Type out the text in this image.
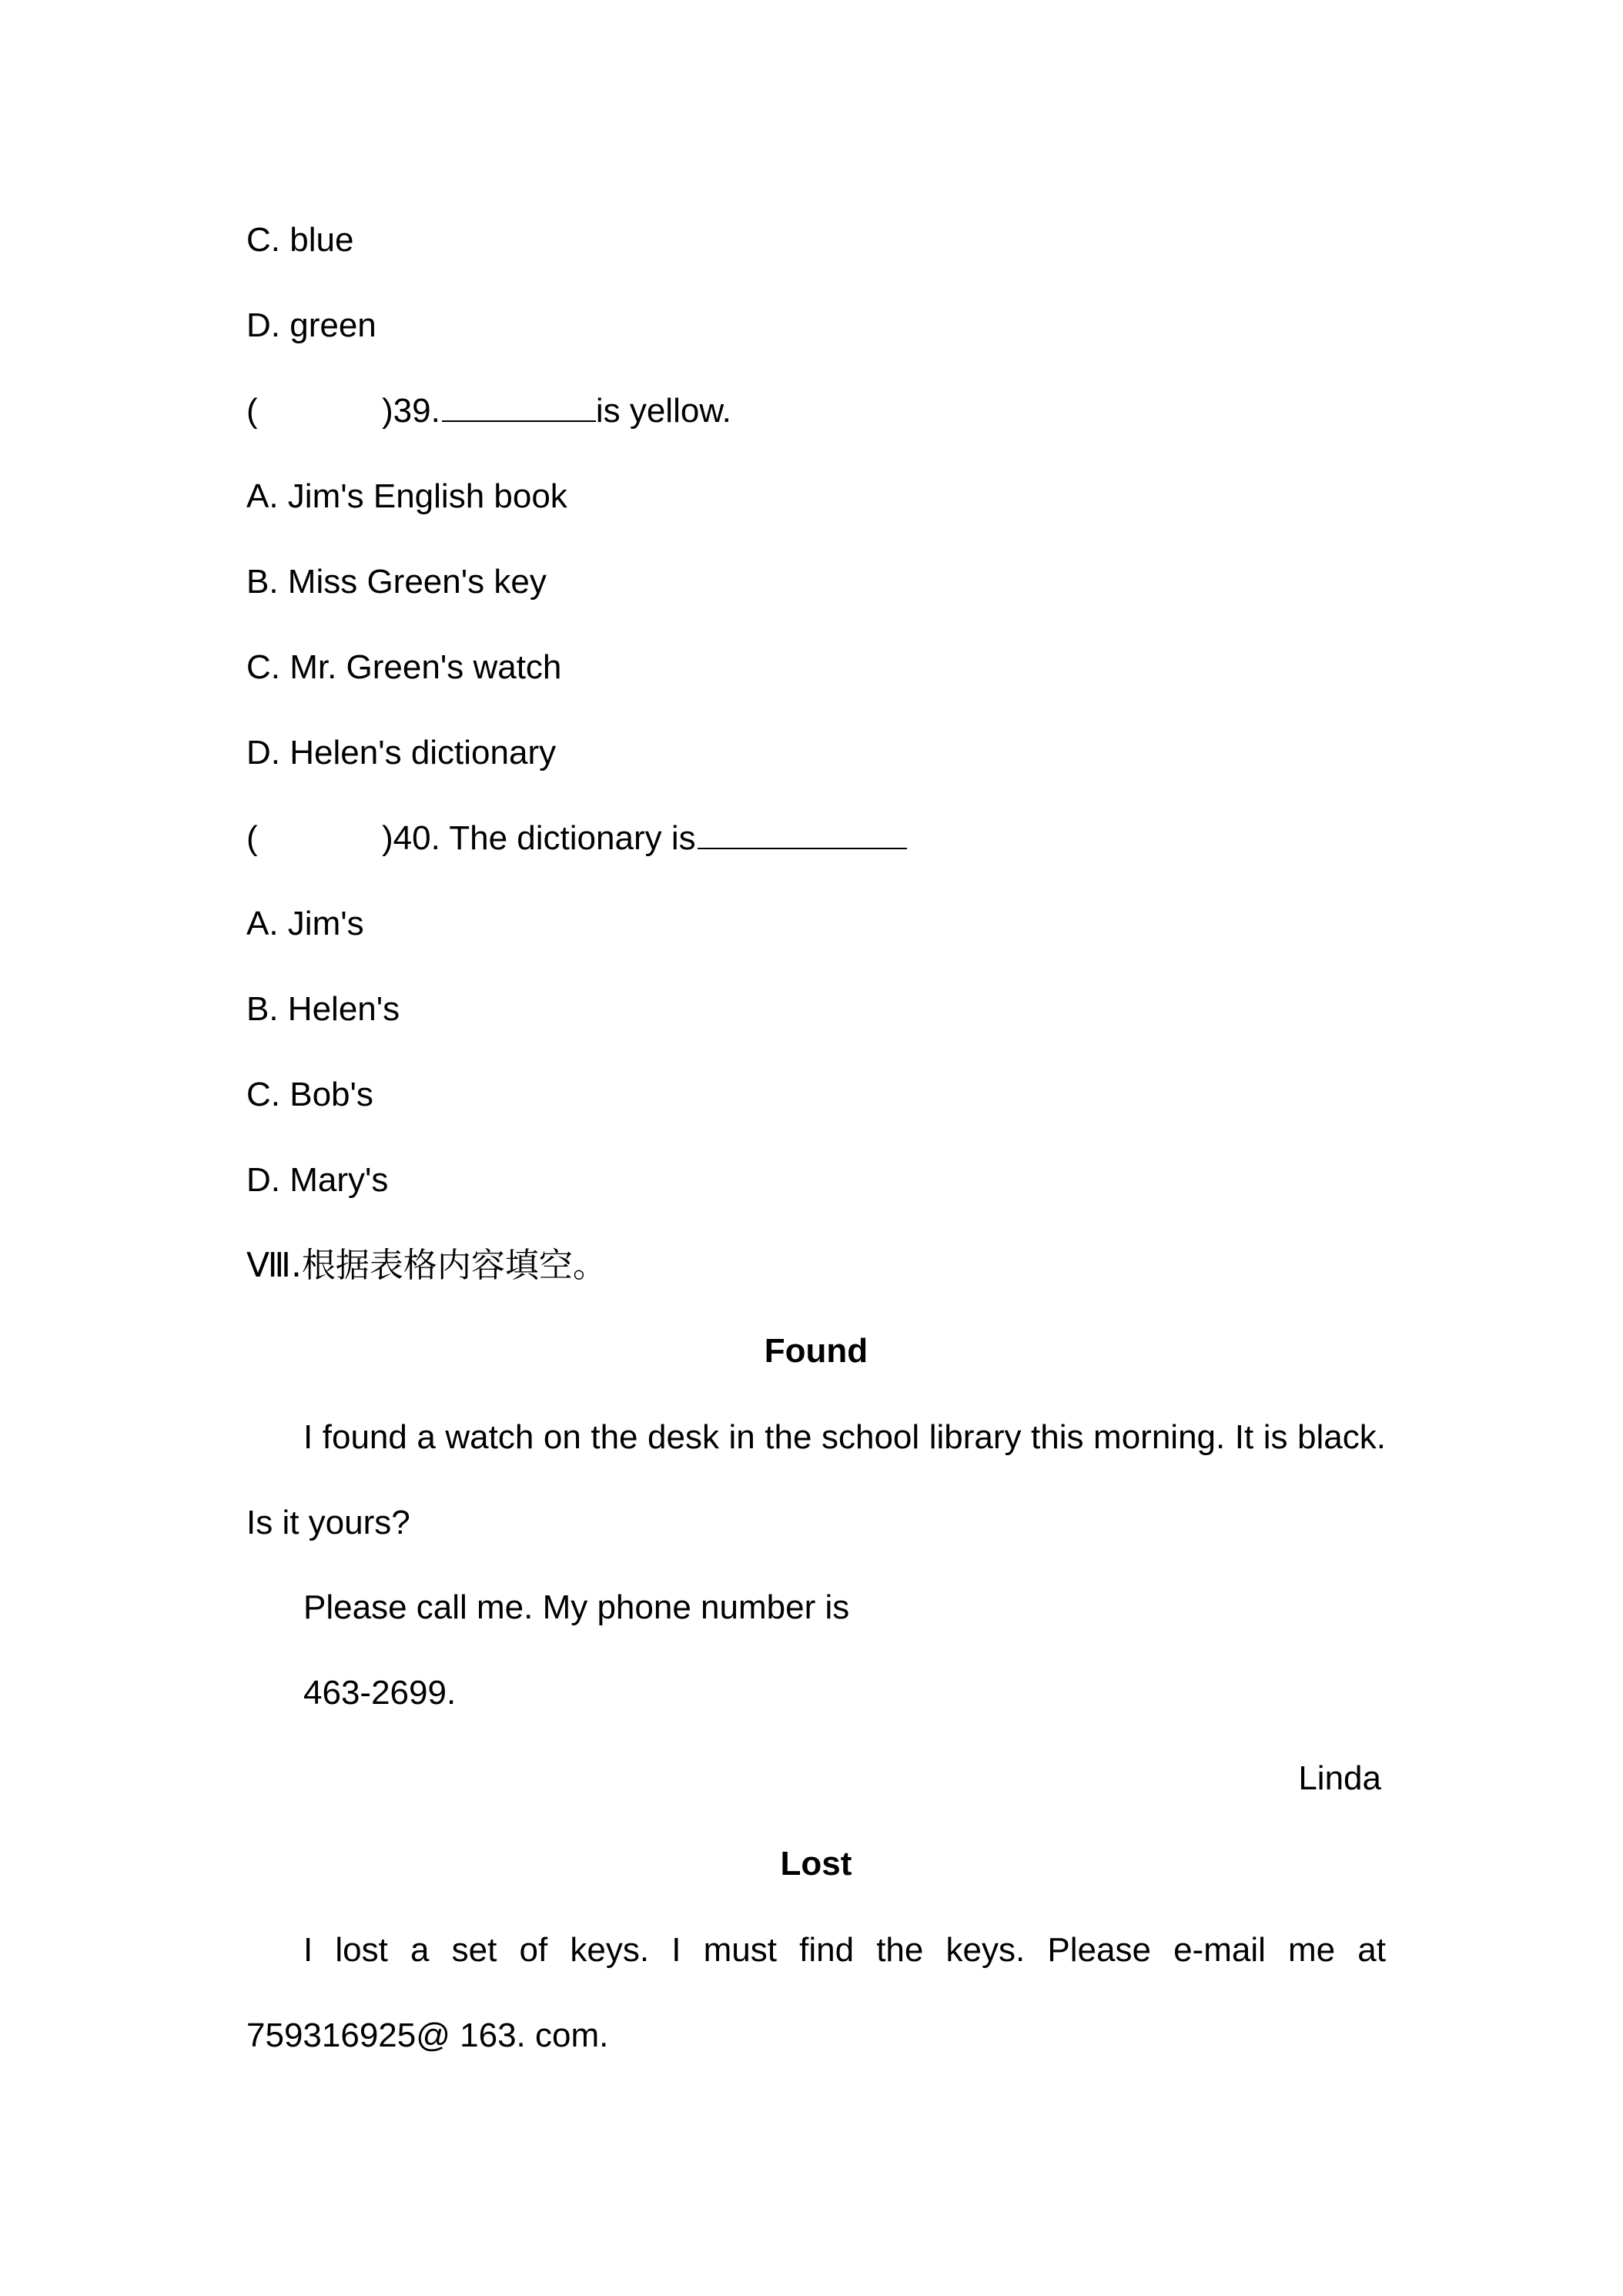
C. blue
D. green
(	)39.	is yellow.
A. Jim's English book
B. Miss Green's key
C. Mr. Green's watch
D. Helen's dictionary
(	)40. The dictionary is
A. Jim's
B. Helen's
C. Bob's
D. Mary's
Ⅷ.根据表格内容填空。
Found
I found a watch on the desk in the school library this morning. It is black. Is it yours?
Please call me. My phone number is
463-2699.
Linda
Lost
I lost a set of keys. I must find the keys. Please e-mail me at 759316925@ 163. com.
